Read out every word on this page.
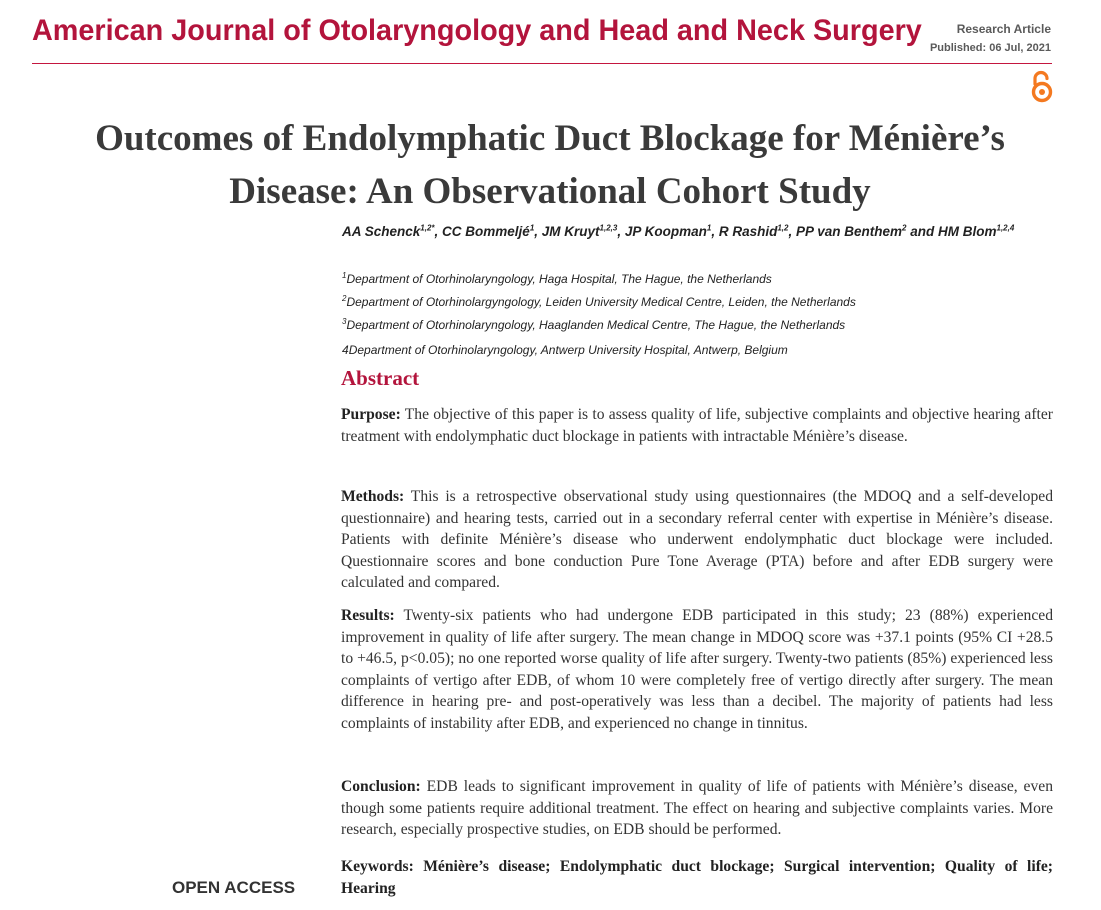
American Journal of Otolaryngology and Head and Neck Surgery	Research Article
Published: 06 Jul, 2021
Outcomes of Endolymphatic Duct Blockage for Ménière’s
Disease: An Observational Cohort Study
AA Schenck$^{1,2*}$, CC Bommeljé$^1$, JM Kruyt$^{1,2,3}$, JP Koopman$^1$, R Rashid$^{1,2}$, PP van Benthem$^2$ and HM Blom$^{1,2,4}$
$^1$Department of Otorhinolaryngology, Haga Hospital, The Hague, the Netherlands
$^2$Department of Otorhinolargyngology, Leiden University Medical Centre, Leiden, the Netherlands
$^3$Department of Otorhinolaryngology, Haaglanden Medical Centre, The Hague, the Netherlands
4Department of Otorhinolaryngology, Antwerp University Hospital, Antwerp, Belgium
Abstract

Purpose: The objective of this paper is to assess quality of life, subjective complaints and objective hearing after treatment with endolymphatic duct blockage in patients with intractable Ménière’s disease.

Methods: This is a retrospective observational study using questionnaires (the MDOQ and a self-developed questionnaire) and hearing tests, carried out in a secondary referral center with expertise in Ménière’s disease. Patients with definite Ménière’s disease who underwent endolymphatic duct blockage were included. Questionnaire scores and bone conduction Pure Tone Average (PTA) before and after EDB surgery were calculated and compared.

Results: Twenty-six patients who had undergone EDB participated in this study; 23 (88%) experienced improvement in quality of life after surgery. The mean change in MDOQ score was +37.1 points (95% CI +28.5 to +46.5, p<0.05); no one reported worse quality of life after surgery. Twenty-two patients (85%) experienced less complaints of vertigo after EDB, of whom 10 were completely free of vertigo directly after surgery. The mean difference in hearing pre- and post-operatively was less than a decibel. The majority of patients had less complaints of instability after EDB, and experienced no change in tinnitus.

Conclusion: EDB leads to significant improvement in quality of life of patients with Ménière’s disease, even though some patients require additional treatment. The effect on hearing and subjective complaints varies. More research, especially prospective studies, on EDB should be performed.

Keywords: Ménière’s disease; Endolymphatic duct blockage; Surgical intervention; Quality of life; Hearing

OPEN ACCESS
